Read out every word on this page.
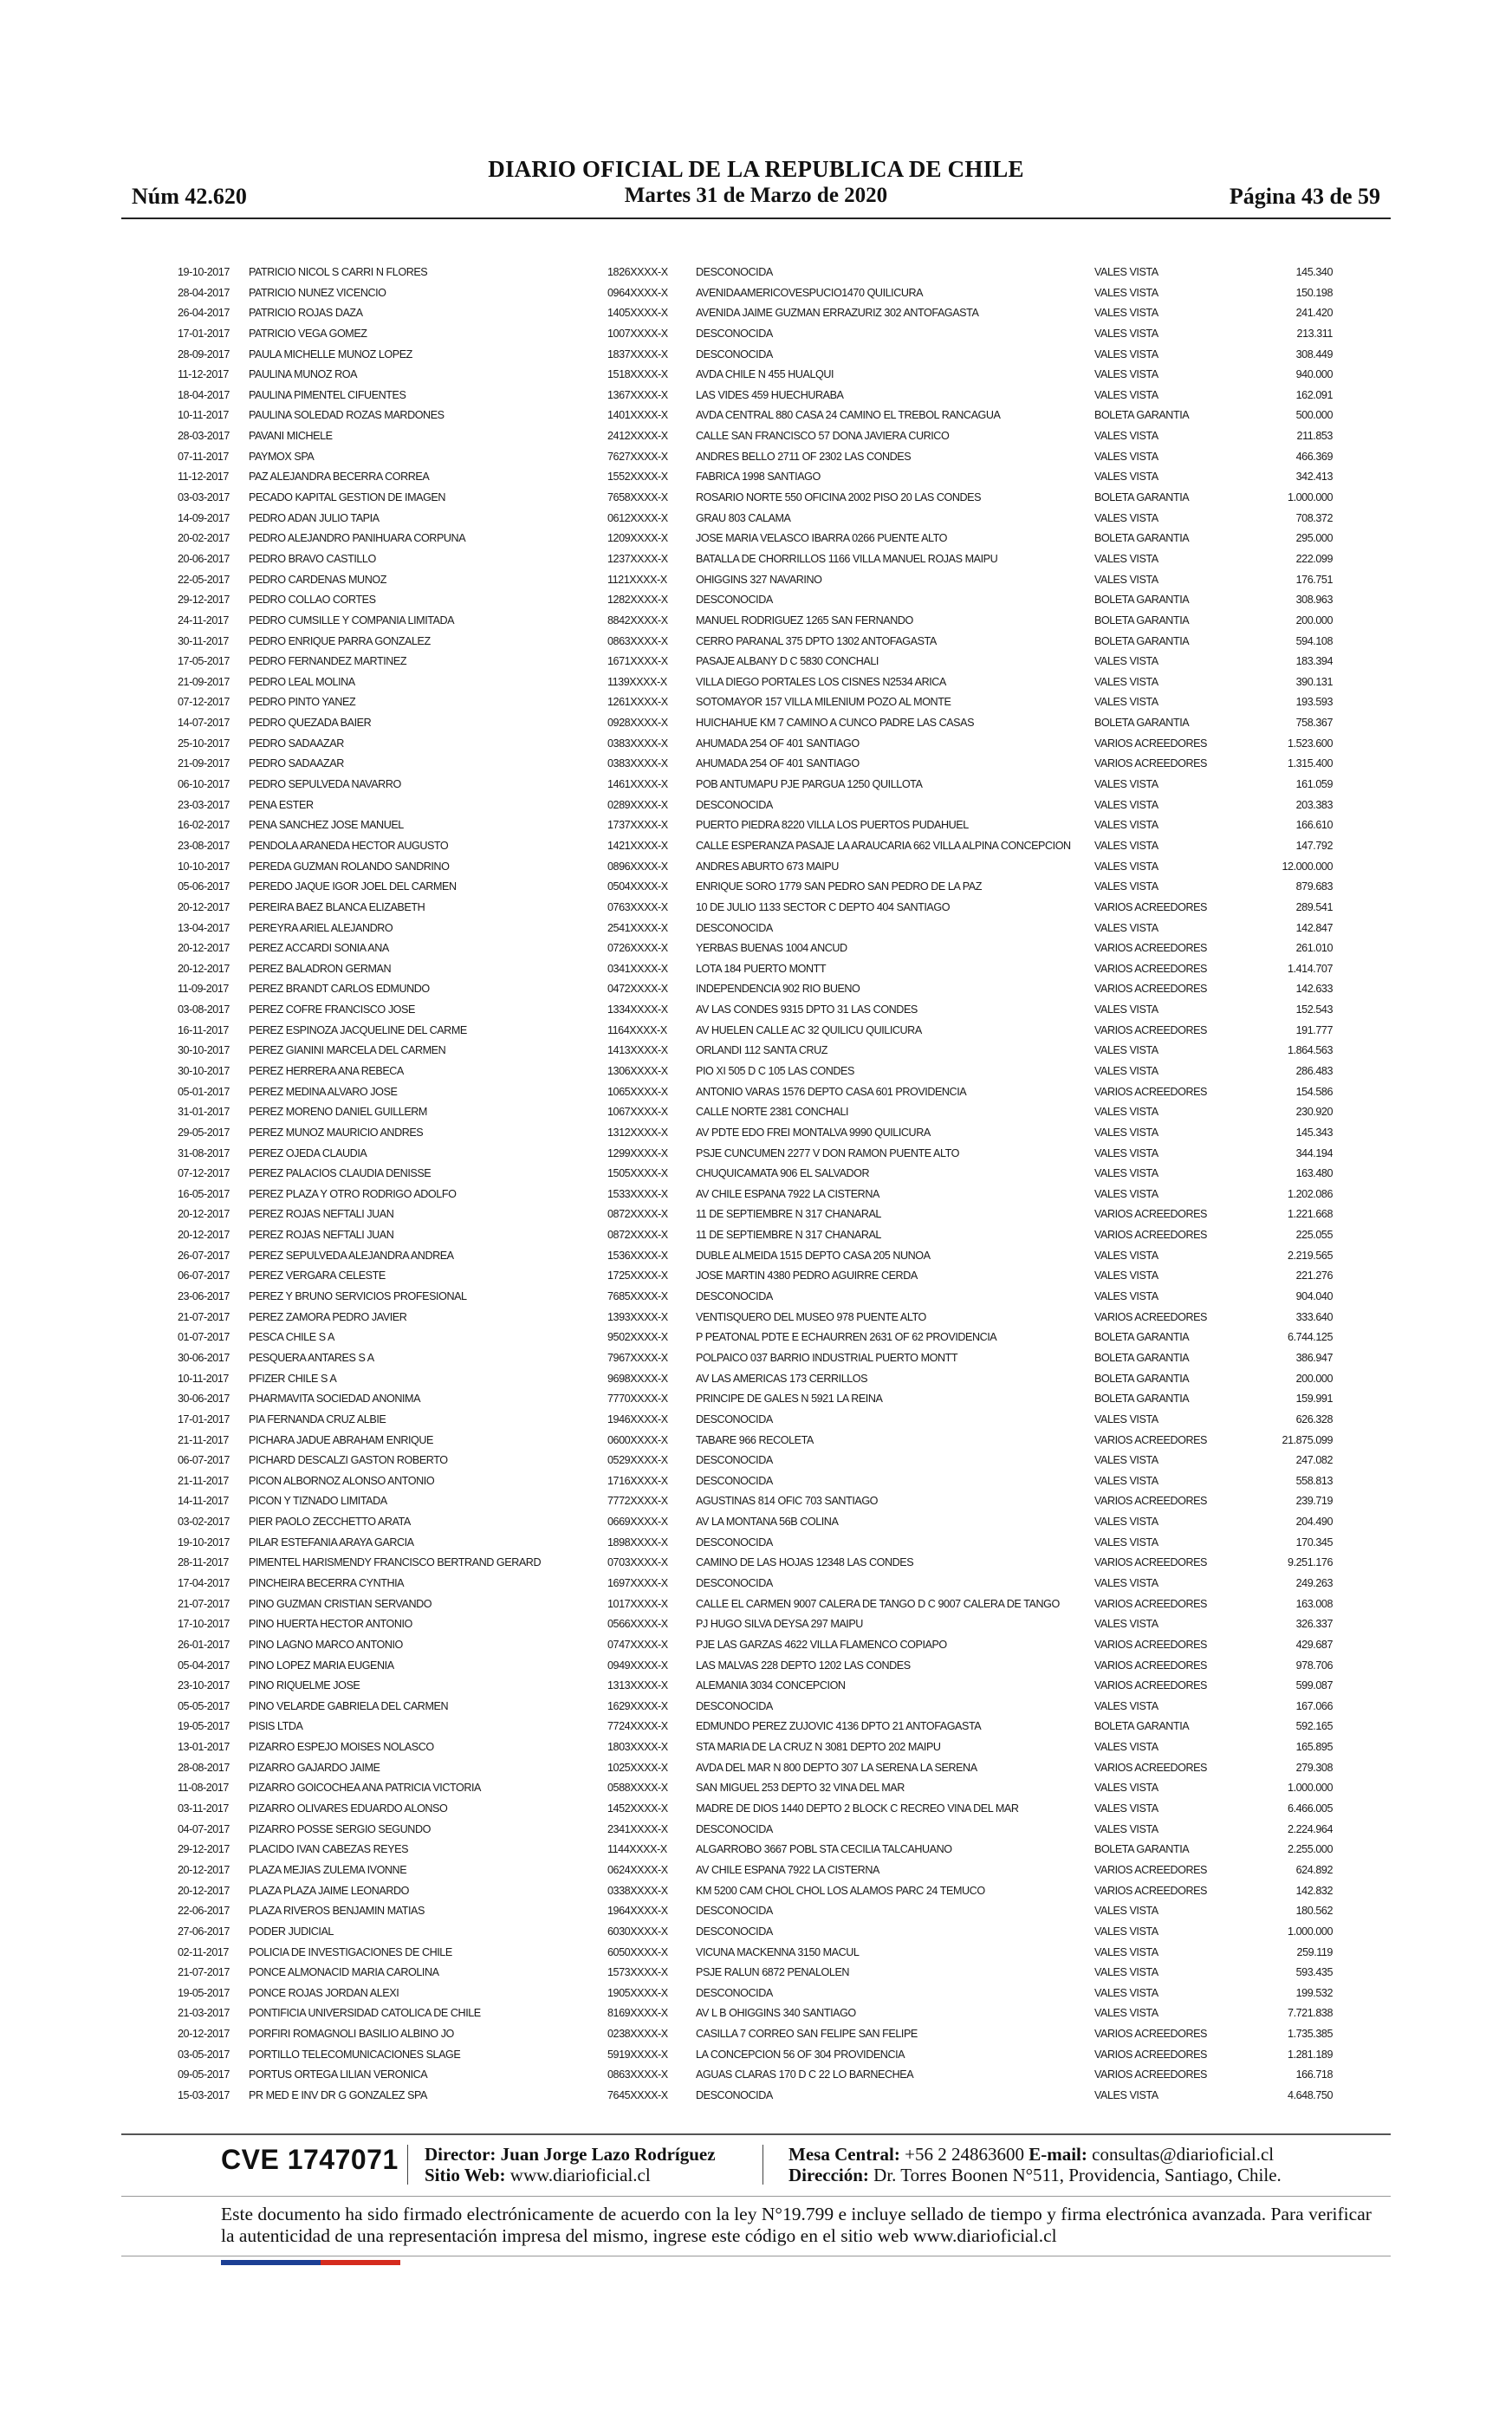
DIARIO OFICIAL DE LA REPUBLICA DE CHILE
Núm 42.620	Martes 31 de Marzo de 2020	Página 43 de 59
19-10-2017	PATRICIO NICOL S CARRI N FLORES	1826XXXX-X	DESCONOCIDA	VALES VISTA	145.340
28-04-2017	PATRICIO NUNEZ VICENCIO	0964XXXX-X	AVENIDAAMERICOVESPUCIO1470 QUILICURA	VALES VISTA	150.198
26-04-2017	PATRICIO ROJAS DAZA	1405XXXX-X	AVENIDA JAIME GUZMAN ERRAZURIZ 302 ANTOFAGASTA	VALES VISTA	241.420
17-01-2017	PATRICIO VEGA GOMEZ	1007XXXX-X	DESCONOCIDA	VALES VISTA	213.311
28-09-2017	PAULA MICHELLE MUNOZ LOPEZ	1837XXXX-X	DESCONOCIDA	VALES VISTA	308.449
11-12-2017	PAULINA MUNOZ ROA	1518XXXX-X	AVDA CHILE N 455 HUALQUI	VALES VISTA	940.000
18-04-2017	PAULINA PIMENTEL CIFUENTES	1367XXXX-X	LAS VIDES 459 HUECHURABA	VALES VISTA	162.091
10-11-2017	PAULINA SOLEDAD ROZAS MARDONES	1401XXXX-X	AVDA CENTRAL 880 CASA 24 CAMINO EL TREBOL RANCAGUA	BOLETA GARANTIA	500.000
28-03-2017	PAVANI MICHELE	2412XXXX-X	CALLE SAN FRANCISCO 57 DONA JAVIERA CURICO	VALES VISTA	211.853
07-11-2017	PAYMOX SPA	7627XXXX-X	ANDRES BELLO 2711 OF 2302 LAS CONDES	VALES VISTA	466.369
11-12-2017	PAZ ALEJANDRA BECERRA CORREA	1552XXXX-X	FABRICA 1998 SANTIAGO	VALES VISTA	342.413
03-03-2017	PECADO KAPITAL GESTION DE IMAGEN	7658XXXX-X	ROSARIO NORTE 550 OFICINA 2002 PISO 20 LAS CONDES	BOLETA GARANTIA	1.000.000
14-09-2017	PEDRO ADAN JULIO TAPIA	0612XXXX-X	GRAU 803 CALAMA	VALES VISTA	708.372
20-02-2017	PEDRO ALEJANDRO PANIHUARA CORPUNA	1209XXXX-X	JOSE MARIA VELASCO IBARRA 0266 PUENTE ALTO	BOLETA GARANTIA	295.000
20-06-2017	PEDRO BRAVO CASTILLO	1237XXXX-X	BATALLA DE CHORRILLOS 1166 VILLA MANUEL ROJAS MAIPU	VALES VISTA	222.099
22-05-2017	PEDRO CARDENAS MUNOZ	1121XXXX-X	OHIGGINS 327 NAVARINO	VALES VISTA	176.751
29-12-2017	PEDRO COLLAO CORTES	1282XXXX-X	DESCONOCIDA	BOLETA GARANTIA	308.963
24-11-2017	PEDRO CUMSILLE Y COMPANIA LIMITADA	8842XXXX-X	MANUEL RODRIGUEZ 1265 SAN FERNANDO	BOLETA GARANTIA	200.000
30-11-2017	PEDRO ENRIQUE PARRA GONZALEZ	0863XXXX-X	CERRO PARANAL 375 DPTO 1302 ANTOFAGASTA	BOLETA GARANTIA	594.108
17-05-2017	PEDRO FERNANDEZ MARTINEZ	1671XXXX-X	PASAJE ALBANY D C 5830 CONCHALI	VALES VISTA	183.394
21-09-2017	PEDRO LEAL MOLINA	1139XXXX-X	VILLA DIEGO PORTALES LOS CISNES N2534 ARICA	VALES VISTA	390.131
07-12-2017	PEDRO PINTO YANEZ	1261XXXX-X	SOTOMAYOR 157 VILLA MILENIUM POZO AL MONTE	VALES VISTA	193.593
14-07-2017	PEDRO QUEZADA BAIER	0928XXXX-X	HUICHAHUE KM 7 CAMINO A CUNCO PADRE LAS CASAS	BOLETA GARANTIA	758.367
25-10-2017	PEDRO SADAAZAR	0383XXXX-X	AHUMADA 254 OF 401 SANTIAGO	VARIOS ACREEDORES	1.523.600
21-09-2017	PEDRO SADAAZAR	0383XXXX-X	AHUMADA 254 OF 401 SANTIAGO	VARIOS ACREEDORES	1.315.400
06-10-2017	PEDRO SEPULVEDA NAVARRO	1461XXXX-X	POB ANTUMAPU PJE PARGUA 1250 QUILLOTA	VALES VISTA	161.059
23-03-2017	PENA ESTER	0289XXXX-X	DESCONOCIDA	VALES VISTA	203.383
16-02-2017	PENA SANCHEZ JOSE MANUEL	1737XXXX-X	PUERTO PIEDRA 8220 VILLA LOS PUERTOS PUDAHUEL	VALES VISTA	166.610
23-08-2017	PENDOLA ARANEDA HECTOR AUGUSTO	1421XXXX-X	CALLE ESPERANZA PASAJE LA ARAUCARIA 662 VILLA ALPINA CONCEPCION	VALES VISTA	147.792
10-10-2017	PEREDA GUZMAN ROLANDO SANDRINO	0896XXXX-X	ANDRES ABURTO 673 MAIPU	VALES VISTA	12.000.000
05-06-2017	PEREDO JAQUE IGOR JOEL DEL CARMEN	0504XXXX-X	ENRIQUE SORO 1779 SAN PEDRO SAN PEDRO DE LA PAZ	VALES VISTA	879.683
20-12-2017	PEREIRA BAEZ BLANCA ELIZABETH	0763XXXX-X	10 DE JULIO 1133 SECTOR C DEPTO 404 SANTIAGO	VARIOS ACREEDORES	289.541
13-04-2017	PEREYRA ARIEL ALEJANDRO	2541XXXX-X	DESCONOCIDA	VALES VISTA	142.847
20-12-2017	PEREZ ACCARDI SONIA ANA	0726XXXX-X	YERBAS BUENAS 1004 ANCUD	VARIOS ACREEDORES	261.010
20-12-2017	PEREZ BALADRON GERMAN	0341XXXX-X	LOTA 184 PUERTO MONTT	VARIOS ACREEDORES	1.414.707
11-09-2017	PEREZ BRANDT CARLOS EDMUNDO	0472XXXX-X	INDEPENDENCIA 902 RIO BUENO	VARIOS ACREEDORES	142.633
03-08-2017	PEREZ COFRE FRANCISCO JOSE	1334XXXX-X	AV LAS CONDES 9315 DPTO 31 LAS CONDES	VALES VISTA	152.543
16-11-2017	PEREZ ESPINOZA JACQUELINE DEL CARME	1164XXXX-X	AV HUELEN CALLE AC 32 QUILICU QUILICURA	VARIOS ACREEDORES	191.777
30-10-2017	PEREZ GIANINI MARCELA DEL CARMEN	1413XXXX-X	ORLANDI 112 SANTA CRUZ	VALES VISTA	1.864.563
30-10-2017	PEREZ HERRERA ANA REBECA	1306XXXX-X	PIO XI 505 D C 105 LAS CONDES	VALES VISTA	286.483
05-01-2017	PEREZ MEDINA ALVARO JOSE	1065XXXX-X	ANTONIO VARAS 1576 DEPTO CASA 601 PROVIDENCIA	VARIOS ACREEDORES	154.586
31-01-2017	PEREZ MORENO DANIEL GUILLERM	1067XXXX-X	CALLE NORTE 2381 CONCHALI	VALES VISTA	230.920
29-05-2017	PEREZ MUNOZ MAURICIO ANDRES	1312XXXX-X	AV PDTE EDO FREI MONTALVA 9990 QUILICURA	VALES VISTA	145.343
31-08-2017	PEREZ OJEDA CLAUDIA	1299XXXX-X	PSJE CUNCUMEN 2277 V DON RAMON PUENTE ALTO	VALES VISTA	344.194
07-12-2017	PEREZ PALACIOS CLAUDIA DENISSE	1505XXXX-X	CHUQUICAMATA 906 EL SALVADOR	VALES VISTA	163.480
16-05-2017	PEREZ PLAZA Y OTRO RODRIGO ADOLFO	1533XXXX-X	AV CHILE ESPANA 7922 LA CISTERNA	VALES VISTA	1.202.086
20-12-2017	PEREZ ROJAS NEFTALI JUAN	0872XXXX-X	11 DE SEPTIEMBRE N 317 CHANARAL	VARIOS ACREEDORES	1.221.668
20-12-2017	PEREZ ROJAS NEFTALI JUAN	0872XXXX-X	11 DE SEPTIEMBRE N 317 CHANARAL	VARIOS ACREEDORES	225.055
26-07-2017	PEREZ SEPULVEDA ALEJANDRA ANDREA	1536XXXX-X	DUBLE ALMEIDA 1515 DEPTO CASA 205 NUNOA	VALES VISTA	2.219.565
06-07-2017	PEREZ VERGARA CELESTE	1725XXXX-X	JOSE MARTIN 4380 PEDRO AGUIRRE CERDA	VALES VISTA	221.276
23-06-2017	PEREZ Y BRUNO SERVICIOS PROFESIONAL	7685XXXX-X	DESCONOCIDA	VALES VISTA	904.040
21-07-2017	PEREZ ZAMORA PEDRO JAVIER	1393XXXX-X	VENTISQUERO DEL MUSEO 978 PUENTE ALTO	VARIOS ACREEDORES	333.640
01-07-2017	PESCA CHILE S A	9502XXXX-X	P PEATONAL PDTE E ECHAURREN 2631 OF 62 PROVIDENCIA	BOLETA GARANTIA	6.744.125
30-06-2017	PESQUERA ANTARES S A	7967XXXX-X	POLPAICO 037 BARRIO INDUSTRIAL PUERTO MONTT	BOLETA GARANTIA	386.947
10-11-2017	PFIZER CHILE S A	9698XXXX-X	AV LAS AMERICAS 173 CERRILLOS	BOLETA GARANTIA	200.000
30-06-2017	PHARMAVITA SOCIEDAD ANONIMA	7770XXXX-X	PRINCIPE DE GALES N 5921 LA REINA	BOLETA GARANTIA	159.991
17-01-2017	PIA FERNANDA CRUZ ALBIE	1946XXXX-X	DESCONOCIDA	VALES VISTA	626.328
21-11-2017	PICHARA JADUE ABRAHAM ENRIQUE	0600XXXX-X	TABARE 966 RECOLETA	VARIOS ACREEDORES	21.875.099
06-07-2017	PICHARD DESCALZI GASTON ROBERTO	0529XXXX-X	DESCONOCIDA	VALES VISTA	247.082
21-11-2017	PICON ALBORNOZ ALONSO ANTONIO	1716XXXX-X	DESCONOCIDA	VALES VISTA	558.813
14-11-2017	PICON Y TIZNADO LIMITADA	7772XXXX-X	AGUSTINAS 814 OFIC 703 SANTIAGO	VARIOS ACREEDORES	239.719
03-02-2017	PIER PAOLO ZECCHETTO ARATA	0669XXXX-X	AV LA MONTANA 56B COLINA	VALES VISTA	204.490
19-10-2017	PILAR ESTEFANIA ARAYA GARCIA	1898XXXX-X	DESCONOCIDA	VALES VISTA	170.345
28-11-2017	PIMENTEL HARISMENDY FRANCISCO BERTRAND GERARD	0703XXXX-X	CAMINO DE LAS HOJAS 12348 LAS CONDES	VARIOS ACREEDORES	9.251.176
17-04-2017	PINCHEIRA BECERRA CYNTHIA	1697XXXX-X	DESCONOCIDA	VALES VISTA	249.263
21-07-2017	PINO GUZMAN CRISTIAN SERVANDO	1017XXXX-X	CALLE EL CARMEN 9007 CALERA DE TANGO D C 9007 CALERA DE TANGO	VARIOS ACREEDORES	163.008
17-10-2017	PINO HUERTA HECTOR ANTONIO	0566XXXX-X	PJ HUGO SILVA DEYSA 297 MAIPU	VALES VISTA	326.337
26-01-2017	PINO LAGNO MARCO ANTONIO	0747XXXX-X	PJE LAS GARZAS 4622 VILLA FLAMENCO COPIAPO	VARIOS ACREEDORES	429.687
05-04-2017	PINO LOPEZ MARIA EUGENIA	0949XXXX-X	LAS MALVAS 228 DEPTO 1202 LAS CONDES	VARIOS ACREEDORES	978.706
23-10-2017	PINO RIQUELME JOSE	1313XXXX-X	ALEMANIA 3034 CONCEPCION	VARIOS ACREEDORES	599.087
05-05-2017	PINO VELARDE GABRIELA DEL CARMEN	1629XXXX-X	DESCONOCIDA	VALES VISTA	167.066
19-05-2017	PISIS LTDA	7724XXXX-X	EDMUNDO PEREZ ZUJOVIC 4136 DPTO 21 ANTOFAGASTA	BOLETA GARANTIA	592.165
13-01-2017	PIZARRO ESPEJO MOISES NOLASCO	1803XXXX-X	STA MARIA DE LA CRUZ N 3081 DEPTO 202 MAIPU	VALES VISTA	165.895
28-08-2017	PIZARRO GAJARDO JAIME	1025XXXX-X	AVDA DEL MAR N 800 DEPTO 307 LA SERENA LA SERENA	VARIOS ACREEDORES	279.308
11-08-2017	PIZARRO GOICOCHEA ANA PATRICIA VICTORIA	0588XXXX-X	SAN MIGUEL 253 DEPTO 32 VINA DEL MAR	VALES VISTA	1.000.000
03-11-2017	PIZARRO OLIVARES EDUARDO ALONSO	1452XXXX-X	MADRE DE DIOS 1440 DEPTO 2 BLOCK C RECREO VINA DEL MAR	VALES VISTA	6.466.005
04-07-2017	PIZARRO POSSE SERGIO SEGUNDO	2341XXXX-X	DESCONOCIDA	VALES VISTA	2.224.964
29-12-2017	PLACIDO IVAN CABEZAS REYES	1144XXXX-X	ALGARROBO 3667 POBL STA CECILIA TALCAHUANO	BOLETA GARANTIA	2.255.000
20-12-2017	PLAZA MEJIAS ZULEMA IVONNE	0624XXXX-X	AV CHILE ESPANA 7922 LA CISTERNA	VARIOS ACREEDORES	624.892
20-12-2017	PLAZA PLAZA JAIME LEONARDO	0338XXXX-X	KM 5200 CAM CHOL CHOL LOS ALAMOS PARC 24 TEMUCO	VARIOS ACREEDORES	142.832
22-06-2017	PLAZA RIVEROS BENJAMIN MATIAS	1964XXXX-X	DESCONOCIDA	VALES VISTA	180.562
27-06-2017	PODER JUDICIAL	6030XXXX-X	DESCONOCIDA	VALES VISTA	1.000.000
02-11-2017	POLICIA DE INVESTIGACIONES DE CHILE	6050XXXX-X	VICUNA MACKENNA 3150 MACUL	VALES VISTA	259.119
21-07-2017	PONCE ALMONACID MARIA CAROLINA	1573XXXX-X	PSJE RALUN 6872 PENALOLEN	VALES VISTA	593.435
19-05-2017	PONCE ROJAS JORDAN ALEXI	1905XXXX-X	DESCONOCIDA	VALES VISTA	199.532
21-03-2017	PONTIFICIA UNIVERSIDAD CATOLICA DE CHILE	8169XXXX-X	AV L B OHIGGINS 340 SANTIAGO	VALES VISTA	7.721.838
20-12-2017	PORFIRI ROMAGNOLI BASILIO ALBINO JO	0238XXXX-X	CASILLA 7 CORREO SAN FELIPE SAN FELIPE	VARIOS ACREEDORES	1.735.385
03-05-2017	PORTILLO TELECOMUNICACIONES SLAGE	5919XXXX-X	LA CONCEPCION 56 OF 304 PROVIDENCIA	VARIOS ACREEDORES	1.281.189
09-05-2017	PORTUS ORTEGA LILIAN VERONICA	0863XXXX-X	AGUAS CLARAS 170 D C 22 LO BARNECHEA	VARIOS ACREEDORES	166.718
15-03-2017	PR MED E INV DR G GONZALEZ SPA	7645XXXX-X	DESCONOCIDA	VALES VISTA	4.648.750
CVE 1747071 Director: Juan Jorge Lazo Rodríguez
Sitio Web: www.diarioficial.cl
Mesa Central: +56 2 24863600 E-mail: consultas@diarioficial.cl
Dirección: Dr. Torres Boonen N°511, Providencia, Santiago, Chile.
Este documento ha sido firmado electrónicamente de acuerdo con la ley N°19.799 e incluye sellado de tiempo y firma electrónica avanzada. Para verificar la autenticidad de una representación impresa del mismo, ingrese este código en el sitio web www.diarioficial.cl
